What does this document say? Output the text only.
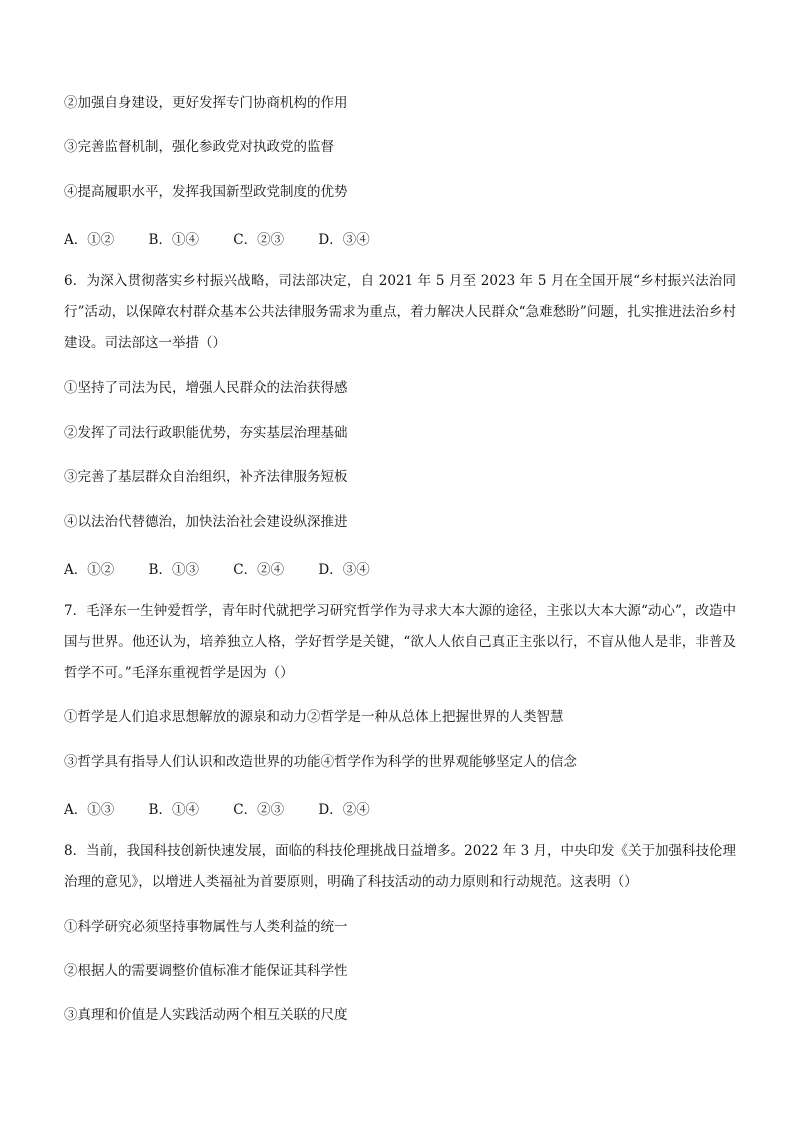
②加强自身建设，更好发挥专门协商机构的作用
③完善监督机制，强化参政党对执政党的监督
④提高履职水平，发挥我国新型政党制度的优势
A．①②	B．①④	C．②③	D．③④
6．为深入贯彻落实乡村振兴战略，司法部决定，自 2021 年 5 月至 2023 年 5 月在全国开展“乡村振兴法治同行”活动，以保障农村群众基本公共法律服务需求为重点，着力解决人民群众“急难愁盼”问题，扎实推进法治乡村建设。司法部这一举措（）
①坚持了司法为民，增强人民群众的法治获得感
②发挥了司法行政职能优势，夯实基层治理基础
③完善了基层群众自治组织，补齐法律服务短板
④以法治代替德治，加快法治社会建设纵深推进
A．①②	B．①③	C．②④	D．③④
7．毛泽东一生钟爱哲学，青年时代就把学习研究哲学作为寻求大本大源的途径，主张以大本大源“动心”，改造中国与世界。他还认为，培养独立人格，学好哲学是关键，“欲人人依自己真正主张以行，不盲从他人是非，非普及哲学不可。”毛泽东重视哲学是因为（）
①哲学是人们追求思想解放的源泉和动力②哲学是一种从总体上把握世界的人类智慧
③哲学具有指导人们认识和改造世界的功能④哲学作为科学的世界观能够坚定人的信念
A．①③	B．①④	C．②③	D．②④
8．当前，我国科技创新快速发展，面临的科技伦理挑战日益增多。2022 年 3 月，中央印发《关于加强科技伦理治理的意见》，以增进人类福祉为首要原则，明确了科技活动的动力原则和行动规范。这表明（）
①科学研究必须坚持事物属性与人类利益的统一
②根据人的需要调整价值标准才能保证其科学性
③真理和价值是人实践活动两个相互关联的尺度
